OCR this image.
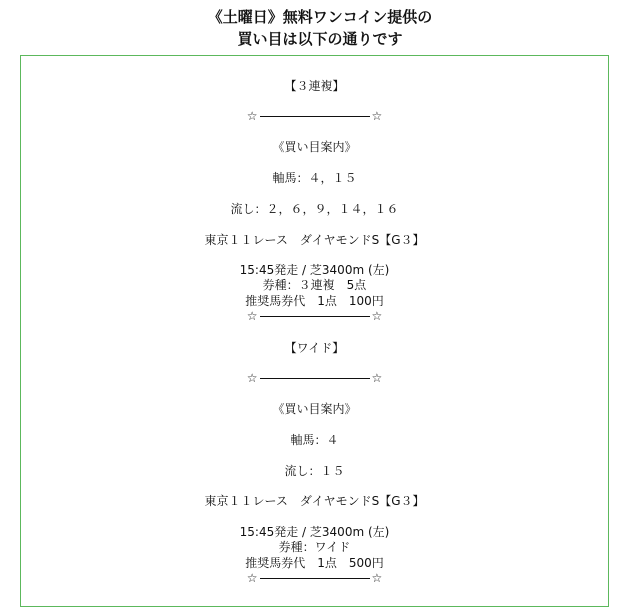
《土曜日》無料ワンコイン提供の
買い目は以下の通りです
【３連複】
☆	☆
《買い目案内》
軸馬：４，１５
流し：２，６，９，１４，１６
東京１１レース　ダイヤモンドS【G３】
15:45発走 / 芝3400m (左)
券種：３連複　5点
推奨馬券代　1点　100円
☆	☆
【ワイド】
☆	☆
《買い目案内》
軸馬：４
流し：１５
東京１１レース　ダイヤモンドS【G３】
15:45発走 / 芝3400m (左)
券種：ワイド
推奨馬券代　1点　500円
☆	☆
